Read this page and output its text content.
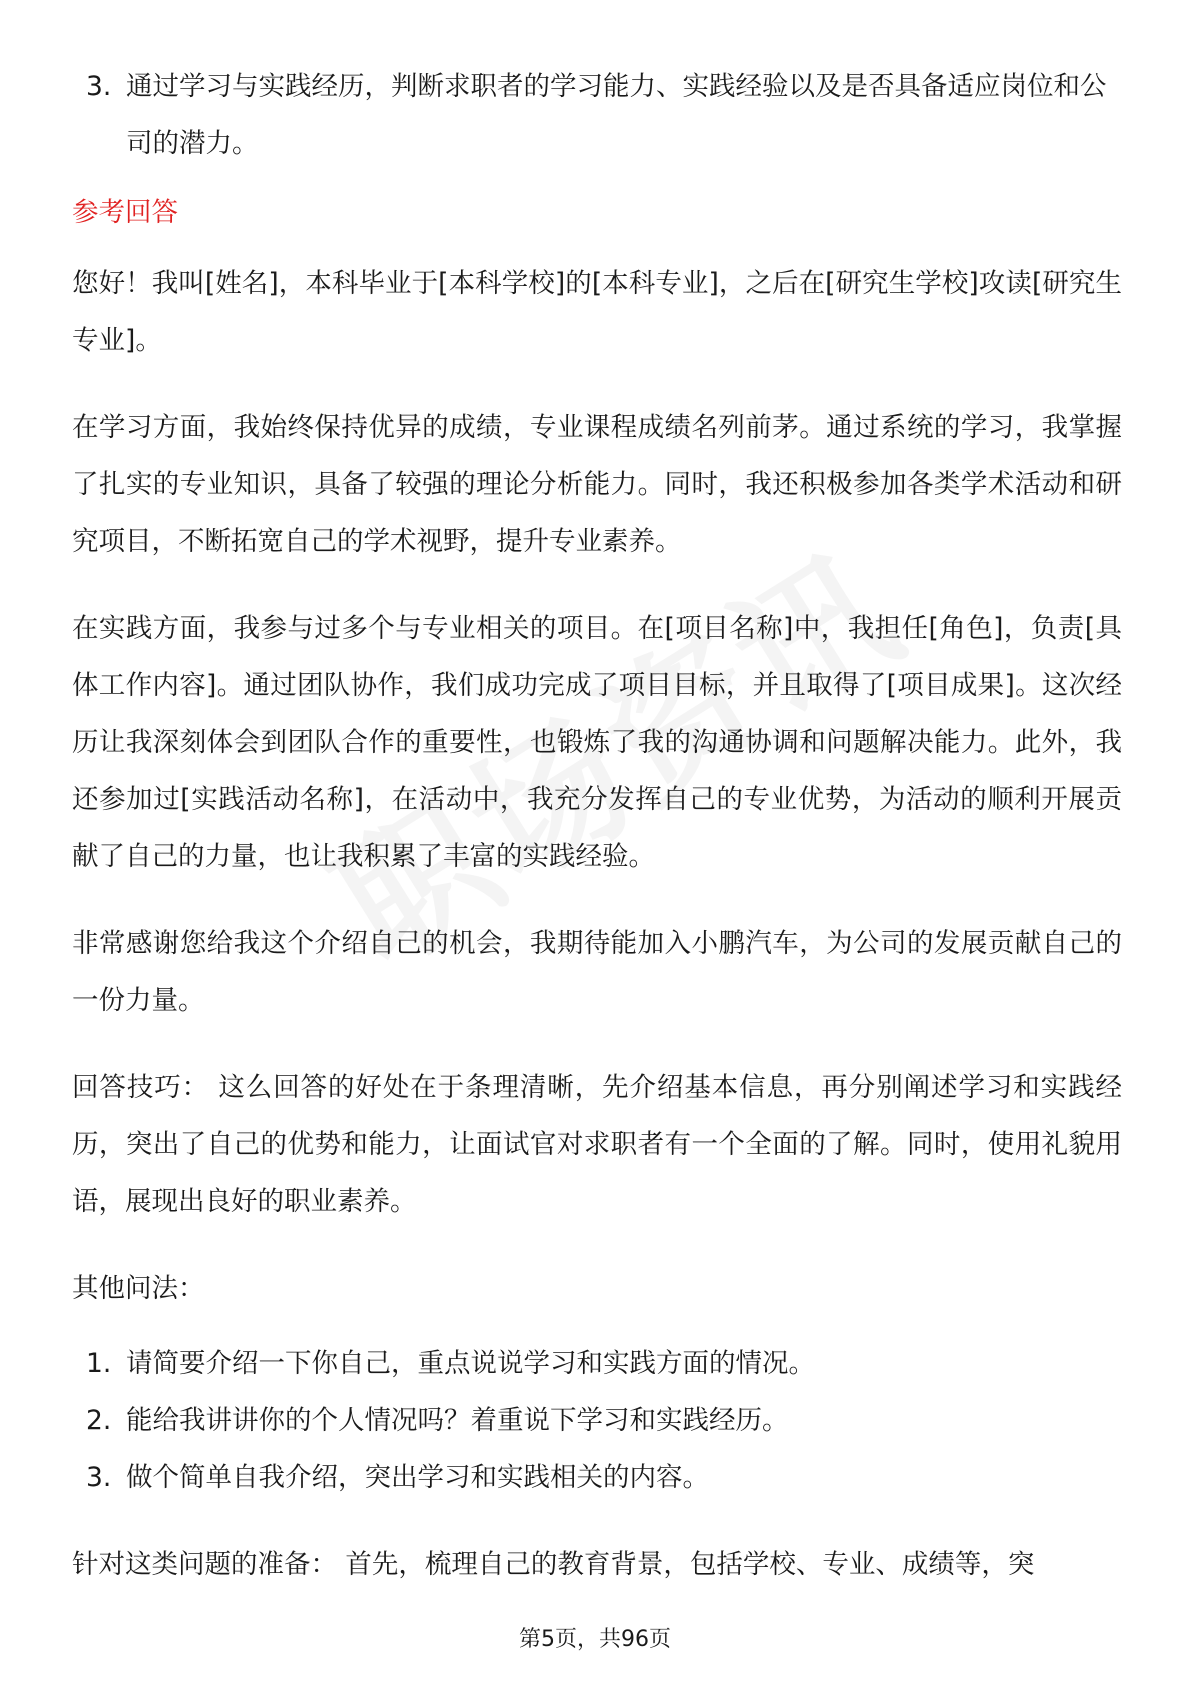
3. 通过学习与实践经历，判断求职者的学习能力、实践经验以及是否具备适应岗位和公司的潜力。
参考回答

您好！我叫[姓名]，本科毕业于[本科学校]的[本科专业]，之后在[研究生学校]攻读[研究生专业]。

在学习方面，我始终保持优异的成绩，专业课程成绩名列前茅。通过系统的学习，我掌握了扎实的专业知识，具备了较强的理论分析能力。同时，我还积极参加各类学术活动和研究项目，不断拓宽自己的学术视野，提升专业素养。

在实践方面，我参与过多个与专业相关的项目。在[项目名称]中，我担任[角色]，负责[具体工作内容]。通过团队协作，我们成功完成了项目目标，并且取得了[项目成果]。这次经历让我深刻体会到团队合作的重要性，也锻炼了我的沟通协调和问题解决能力。此外，我还参加过[实践活动名称]，在活动中，我充分发挥自己的专业优势，为活动的顺利开展贡献了自己的力量，也让我积累了丰富的实践经验。

非常感谢您给我这个介绍自己的机会，我期待能加入小鹏汽车，为公司的发展贡献自己的一份力量。

回答技巧： 这么回答的好处在于条理清晰，先介绍基本信息，再分别阐述学习和实践经历，突出了自己的优势和能力，让面试官对求职者有一个全面的了解。同时，使用礼貌用语，展现出良好的职业素养。

其他问法：

1. 请简要介绍一下你自己，重点说说学习和实践方面的情况。
2. 能给我讲讲你的个人情况吗？着重说下学习和实践经历。
3. 做个简单自我介绍，突出学习和实践相关的内容。

针对这类问题的准备： 首先，梳理自己的教育背景，包括学校、专业、成绩等，突

第5页，共96页
